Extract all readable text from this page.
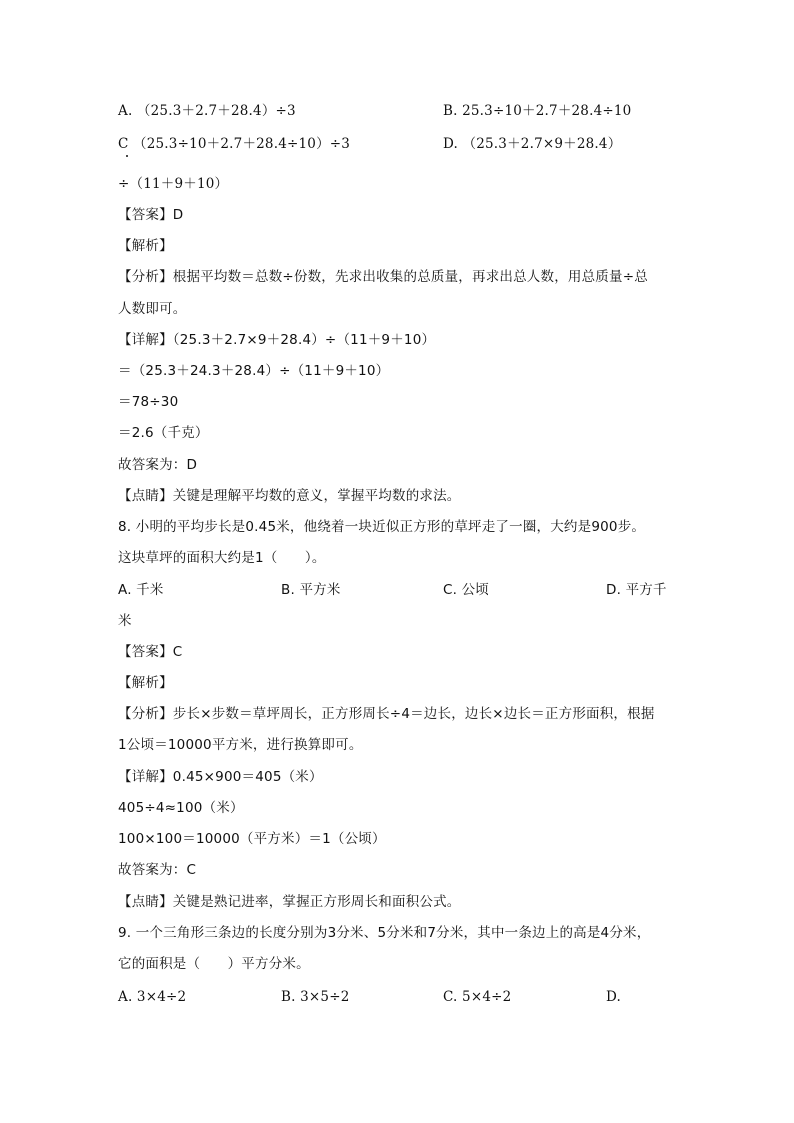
A. （25.3＋2.7＋28.4）÷3	B. 25.3÷10＋2.7＋28.4÷10
C （25.3÷10＋2.7＋28.4÷10）÷3	D. （25.3＋2.7×9＋28.4）
÷（11＋9＋10）
【答案】D
【解析】
【分析】根据平均数＝总数÷份数，先求出收集的总质量，再求出总人数，用总质量÷总
人数即可。
【详解】（25.3＋2.7×9＋28.4）÷（11＋9＋10）
＝（25.3＋24.3＋28.4）÷（11＋9＋10）
＝78÷30
＝2.6（千克）
故答案为：D
【点睛】关键是理解平均数的意义，掌握平均数的求法。
8. 小明的平均步长是0.45米，他绕着一块近似正方形的草坪走了一圈，大约是900步。
这块草坪的面积大约是1（　　）。
A. 千米	B. 平方米	C. 公顷	D. 平方千
米
【答案】C
【解析】
【分析】步长×步数＝草坪周长，正方形周长÷4＝边长，边长×边长＝正方形面积，根据
1公顷＝10000平方米，进行换算即可。
【详解】0.45×900＝405（米）
405÷4≈100（米）
100×100＝10000（平方米）＝1（公顷）
故答案为：C
【点睛】关键是熟记进率，掌握正方形周长和面积公式。
9. 一个三角形三条边的长度分别为3分米、5分米和7分米，其中一条边上的高是4分米，
它的面积是（　　）平方分米。
A. 3×4÷2	B. 3×5÷2	C. 5×4÷2	D.
